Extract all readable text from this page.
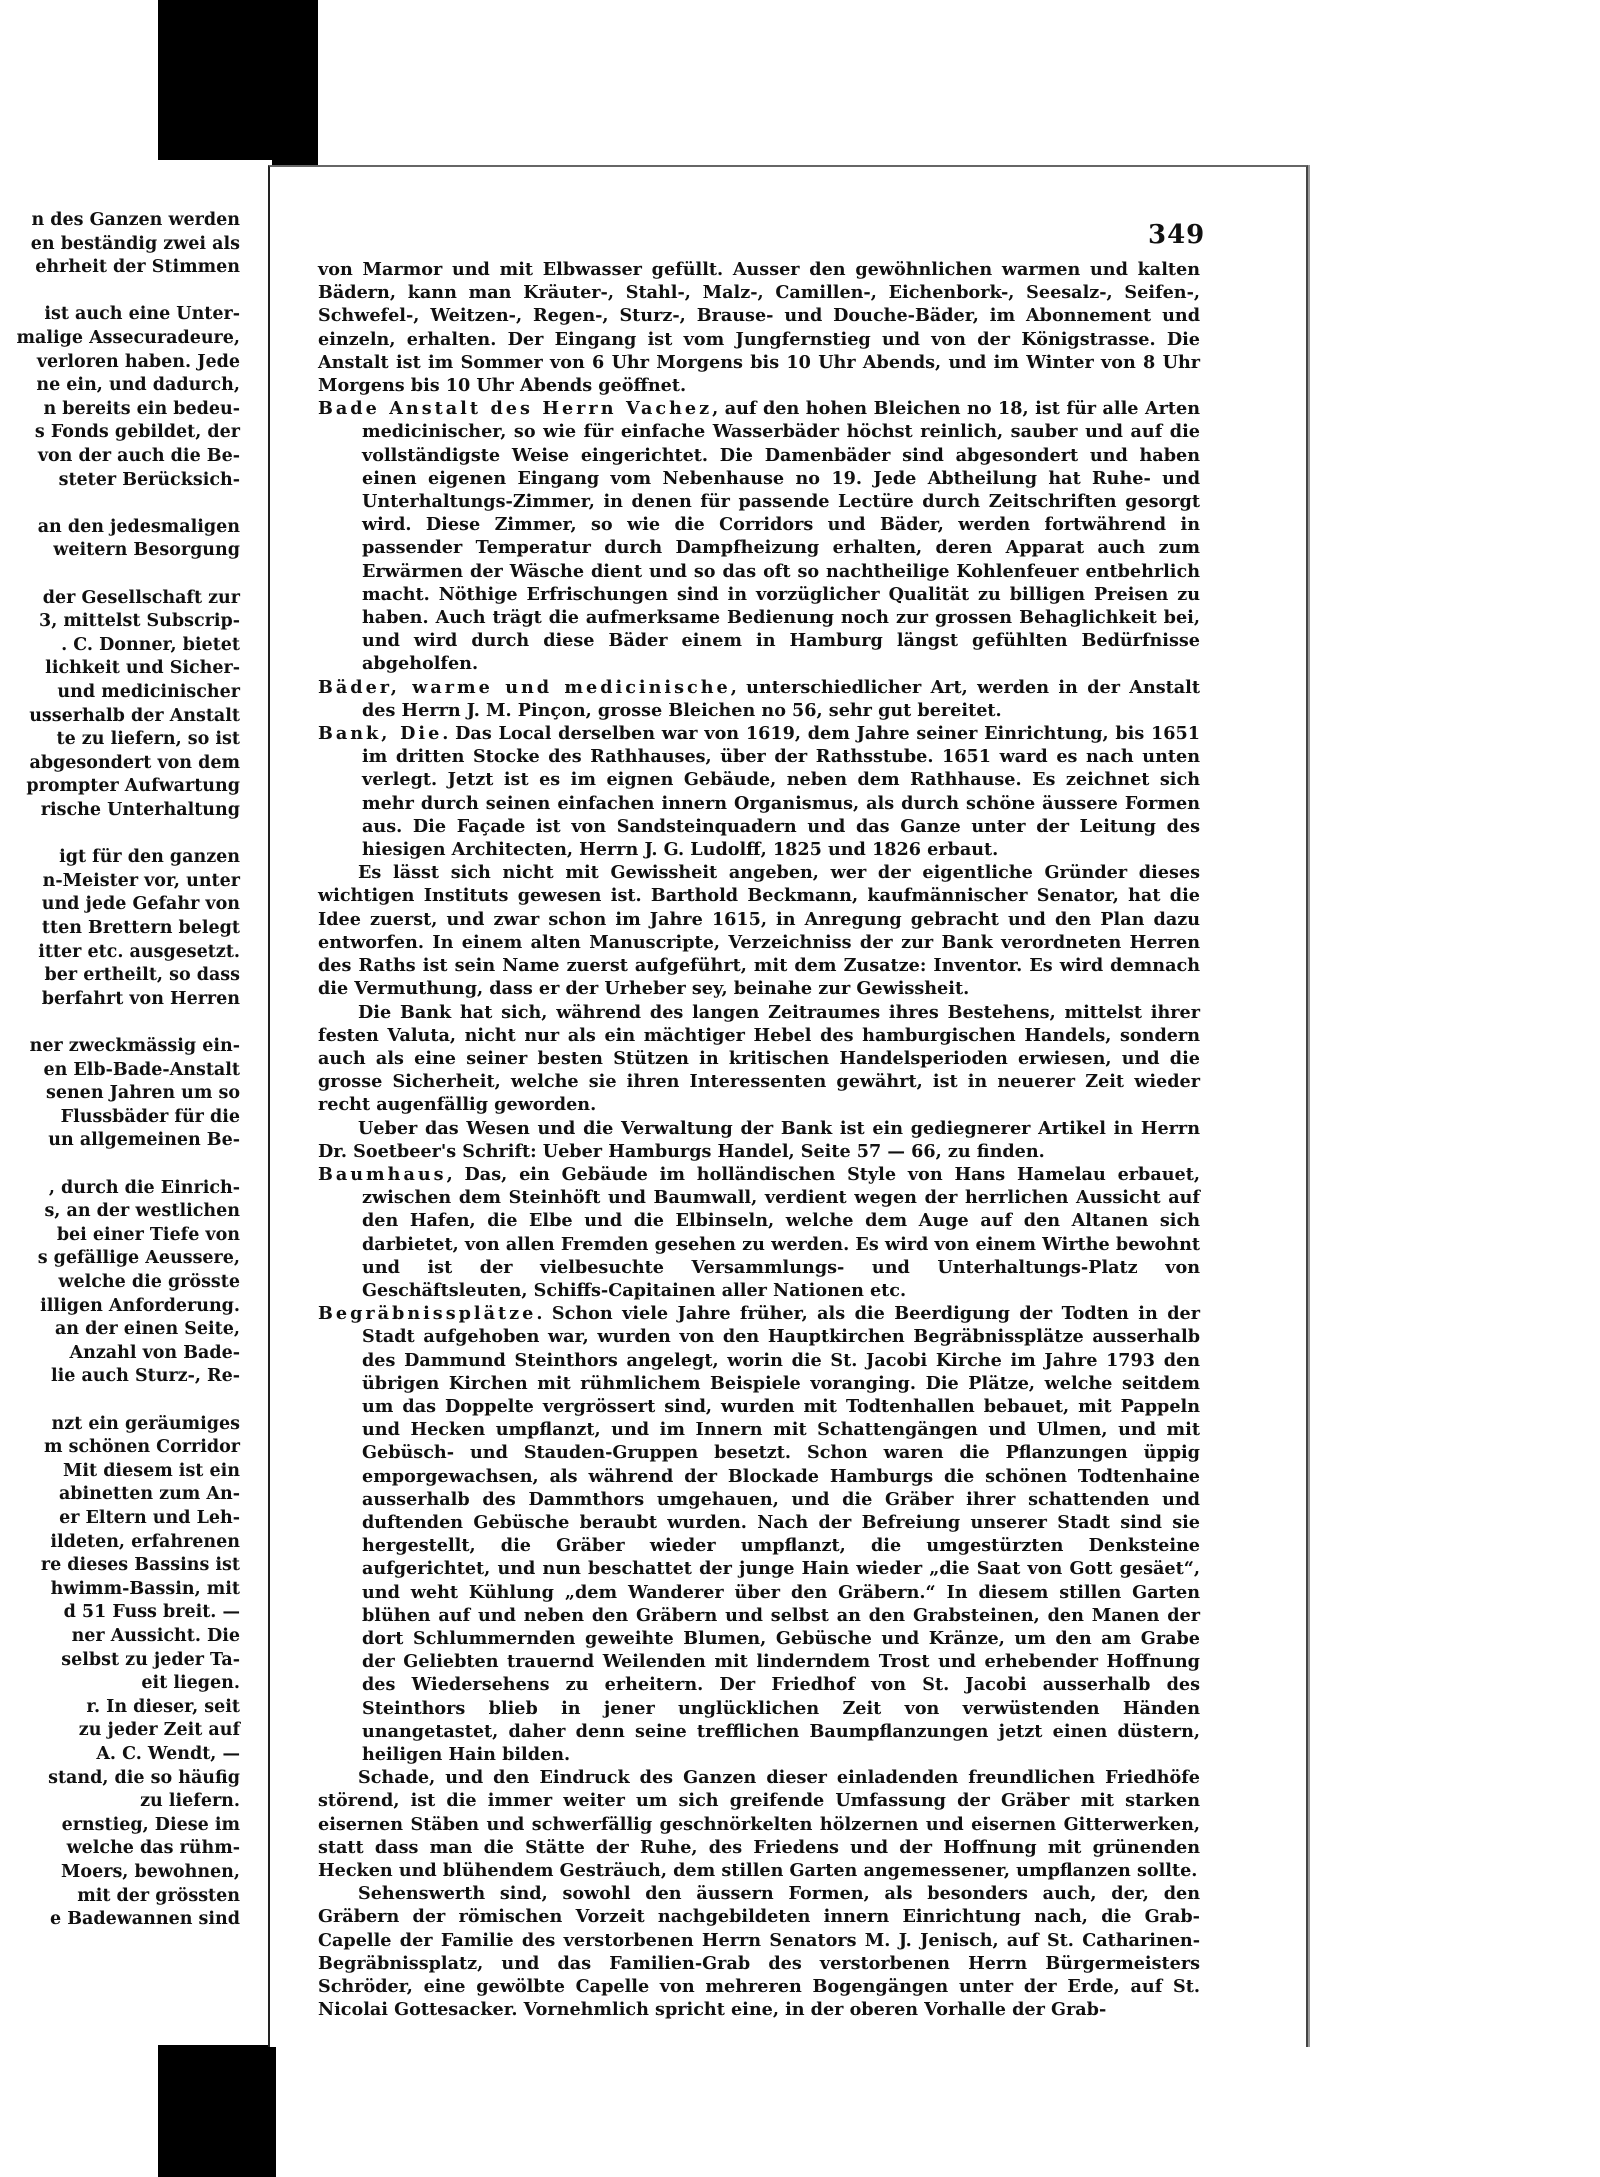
n des Ganzen werden
en beständig zwei als
ehrheit der Stimmen
ist auch eine Unter-
malige Assecuradeure,
verloren haben. Jede
ne ein, und dadurch,
n bereits ein bedeu-
s Fonds gebildet, der
von der auch die Be-
steter Berücksich-
an den jedesmaligen
weitern Besorgung
der Gesellschaft zur
3, mittelst Subscrip-
. C. Donner, bietet
lichkeit und Sicher-
und medicinischer
usserhalb der Anstalt
te zu liefern, so ist
abgesondert von dem
prompter Aufwartung
rische Unterhaltung
igt für den ganzen
n-Meister vor, unter
und jede Gefahr von
tten Brettern belegt
itter etc. ausgesetzt.
ber ertheilt, so dass
berfahrt von Herren
ner zweckmässig ein-
en Elb-Bade-Anstalt
senen Jahren um so
Flussbäder für die
un allgemeinen Be-
, durch die Einrich-
s, an der westlichen
bei einer Tiefe von
s gefällige Aeussere,
welche die grösste
illigen Anforderung.
an der einen Seite,
Anzahl von Bade-
lie auch Sturz-, Re-
nzt ein geräumiges
m schönen Corridor
Mit diesem ist ein
abinetten zum An-
er Eltern und Leh-
ildeten, erfahrenen
re dieses Bassins ist
hwimm-Bassin, mit
d 51 Fuss breit. —
ner Aussicht. Die
selbst zu jeder Ta-
eit liegen.
r. In dieser, seit
zu jeder Zeit auf
A. C. Wendt, —
stand, die so häufig
zu liefern.
ernstieg, Diese im
welche das rühm-
Moers, bewohnen,
mit der grössten
e Badewannen sind
349

von Marmor und mit Elbwasser gefüllt. Ausser den gewöhnlichen warmen und kalten Bädern, kann man Kräuter-, Stahl-, Malz-, Camillen-, Eichenbork-, Seesalz-, Seifen-, Schwefel-, Weitzen-, Regen-, Sturz-, Brause- und Douche-Bäder, im Abonnement und einzeln, erhalten. Der Eingang ist vom Jungfernstieg und von der Königstrasse. Die Anstalt ist im Sommer von 6 Uhr Morgens bis 10 Uhr Abends, und im Winter von 8 Uhr Morgens bis 10 Uhr Abends geöffnet.

Bade Anstalt des Herrn Vachez, auf den hohen Bleichen no 18, ist für alle Arten medicinischer, so wie für einfache Wasserbäder höchst reinlich, sauber und auf die vollständigste Weise eingerichtet. Die Damenbäder sind abgesondert und haben einen eigenen Eingang vom Nebenhause no 19. Jede Abtheilung hat Ruhe- und Unterhaltungs-Zimmer, in denen für passende Lectüre durch Zeitschriften gesorgt wird. Diese Zimmer, so wie die Corridors und Bäder, werden fortwährend in passender Temperatur durch Dampfheizung erhalten, deren Apparat auch zum Erwärmen der Wäsche dient und so das oft so nachtheilige Kohlenfeuer entbehrlich macht. Nöthige Erfrischungen sind in vorzüglicher Qualität zu billigen Preisen zu haben. Auch trägt die aufmerksame Bedienung noch zur grossen Behaglichkeit bei, und wird durch diese Bäder einem in Hamburg längst gefühlten Bedürfnisse abgeholfen.

Bäder, warme und medicinische, unterschiedlicher Art, werden in der Anstalt des Herrn J. M. Pinçon, grosse Bleichen no 56, sehr gut bereitet.

Bank, Die. Das Local derselben war von 1619, dem Jahre seiner Einrichtung, bis 1651 im dritten Stocke des Rathhauses, über der Rathsstube. 1651 ward es nach unten verlegt. Jetzt ist es im eignen Gebäude, neben dem Rathhause. Es zeichnet sich mehr durch seinen einfachen innern Organismus, als durch schöne äussere Formen aus. Die Façade ist von Sandsteinquadern und das Ganze unter der Leitung des hiesigen Architecten, Herrn J. G. Ludolff, 1825 und 1826 erbaut.

Es lässt sich nicht mit Gewissheit angeben, wer der eigentliche Gründer dieses wichtigen Instituts gewesen ist. Barthold Beckmann, kaufmännischer Senator, hat die Idee zuerst, und zwar schon im Jahre 1615, in Anregung gebracht und den Plan dazu entworfen. In einem alten Manuscripte, Verzeichniss der zur Bank verordneten Herren des Raths ist sein Name zuerst aufgeführt, mit dem Zusatze: Inventor. Es wird demnach die Vermuthung, dass er der Urheber sey, beinahe zur Gewissheit.

Die Bank hat sich, während des langen Zeitraumes ihres Bestehens, mittelst ihrer festen Valuta, nicht nur als ein mächtiger Hebel des hamburgischen Handels, sondern auch als eine seiner besten Stützen in kritischen Handelsperioden erwiesen, und die grosse Sicherheit, welche sie ihren Interessenten gewährt, ist in neuerer Zeit wieder recht augenfällig geworden.

Ueber das Wesen und die Verwaltung der Bank ist ein gediegnerer Artikel in Herrn Dr. Soetbeer's Schrift: Ueber Hamburgs Handel, Seite 57 — 66, zu finden.

Baumhaus, Das, ein Gebäude im holländischen Style von Hans Hamelau erbauet, zwischen dem Steinhöft und Baumwall, verdient wegen der herrlichen Aussicht auf den Hafen, die Elbe und die Elbinseln, welche dem Auge auf den Altanen sich darbietet, von allen Fremden gesehen zu werden. Es wird von einem Wirthe bewohnt und ist der vielbesuchte Versammlungs- und Unterhaltungs-Platz von Geschäftsleuten, Schiffs-Capitainen aller Nationen etc.

Begräbnissplätze. Schon viele Jahre früher, als die Beerdigung der Todten in der Stadt aufgehoben war, wurden von den Hauptkirchen Begräbnissplätze ausserhalb des Dammund Steinthors angelegt, worin die St. Jacobi Kirche im Jahre 1793 den übrigen Kirchen mit rühmlichem Beispiele voranging. Die Plätze, welche seitdem um das Doppelte vergrössert sind, wurden mit Todtenhallen bebauet, mit Pappeln und Hecken umpflanzt, und im Innern mit Schattengängen und Ulmen, und mit Gebüsch- und Stauden-Gruppen besetzt. Schon waren die Pflanzungen üppig emporgewachsen, als während der Blockade Hamburgs die schönen Todtenhaine ausserhalb des Dammthors umgehauen, und die Gräber ihrer schattenden und duftenden Gebüsche beraubt wurden. Nach der Befreiung unserer Stadt sind sie hergestellt, die Gräber wieder umpflanzt, die umgestürzten Denksteine aufgerichtet, und nun beschattet der junge Hain wieder „die Saat von Gott gesäet“, und weht Kühlung „dem Wanderer über den Gräbern.“ In diesem stillen Garten blühen auf und neben den Gräbern und selbst an den Grabsteinen, den Manen der dort Schlummernden geweihte Blumen, Gebüsche und Kränze, um den am Grabe der Geliebten trauernd Weilenden mit linderndem Trost und erhebender Hoffnung des Wiedersehens zu erheitern. Der Friedhof von St. Jacobi ausserhalb des Steinthors blieb in jener unglücklichen Zeit von verwüstenden Händen unangetastet, daher denn seine trefflichen Baumpflanzungen jetzt einen düstern, heiligen Hain bilden.

Schade, und den Eindruck des Ganzen dieser einladenden freundlichen Friedhöfe störend, ist die immer weiter um sich greifende Umfassung der Gräber mit starken eisernen Stäben und schwerfällig geschnörkelten hölzernen und eisernen Gitterwerken, statt dass man die Stätte der Ruhe, des Friedens und der Hoffnung mit grünenden Hecken und blühendem Gesträuch, dem stillen Garten angemessener, umpflanzen sollte.

Sehenswerth sind, sowohl den äussern Formen, als besonders auch, der, den Gräbern der römischen Vorzeit nachgebildeten innern Einrichtung nach, die Grab-Capelle der Familie des verstorbenen Herrn Senators M. J. Jenisch, auf St. Catharinen-Begräbnissplatz, und das Familien-Grab des verstorbenen Herrn Bürgermeisters Schröder, eine gewölbte Capelle von mehreren Bogengängen unter der Erde, auf St. Nicolai Gottesacker. Vornehmlich spricht eine, in der oberen Vorhalle der Grab-
